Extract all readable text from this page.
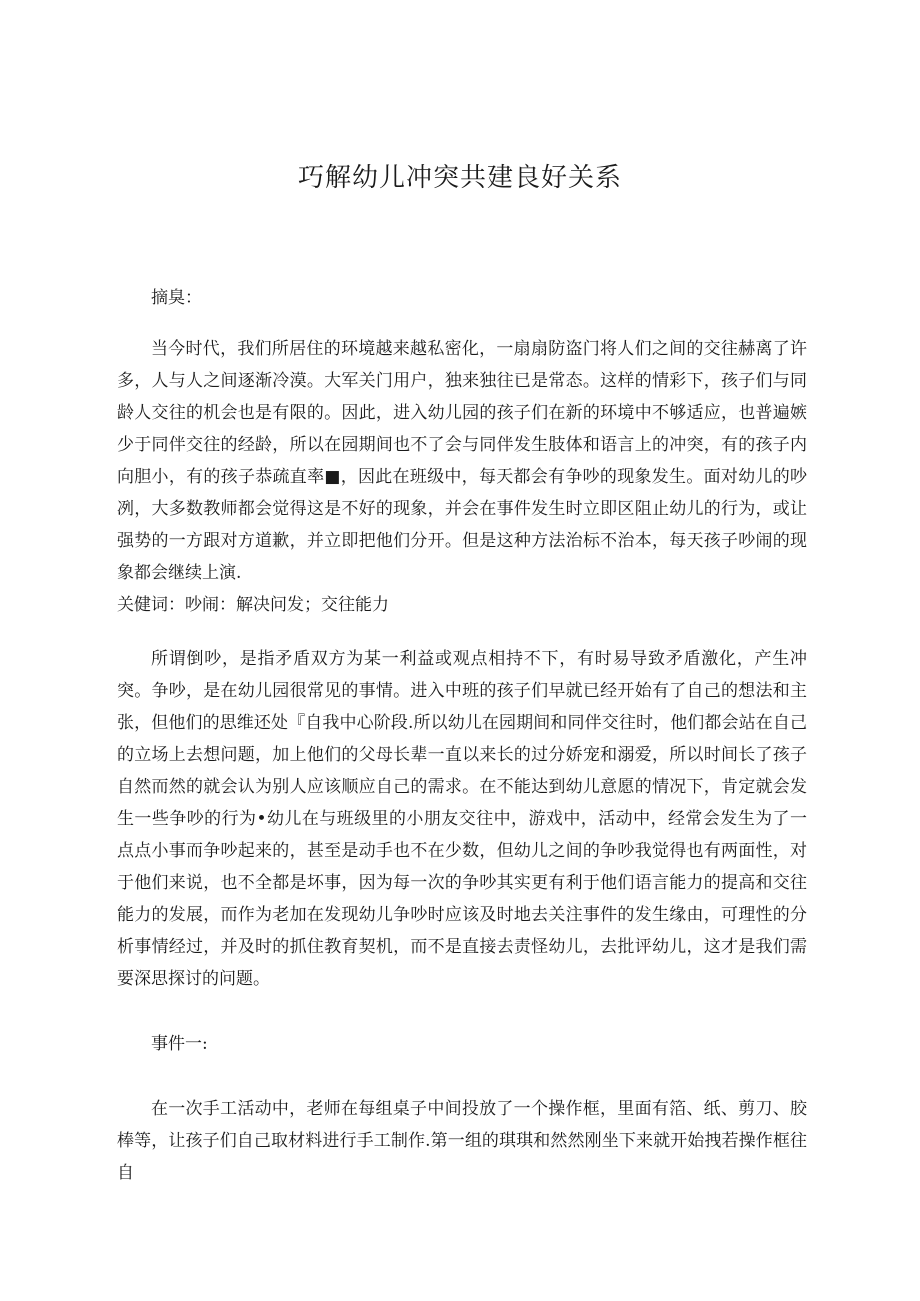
巧解幼儿冲突共建良好关系

摘臭：

当今时代，我们所居住的环境越来越私密化，一扇扇防盗门将人们之间的交往赫离了许多，人与人之间逐渐冷漠。大军关门用户，独来独往已是常态。这样的情彩下，孩子们与同龄人交往的机会也是有限的。因此，进入幼儿园的孩子们在新的环境中不够适应，也普遍嫉少于同伴交往的经龄，所以在园期间也不了会与同伴发生肢体和语言上的冲突，有的孩子内向胆小，有的孩子恭疏直率■，因此在班级中，每天都会有争吵的现象发生。面对幼儿的吵冽，大多数教师都会觉得这是不好的现象，并会在事件发生时立即区阻止幼儿的行为，或让强势的一方跟对方道歉，并立即把他们分开。但是这种方法治标不治本，每天孩子吵闹的现象都会继续上演.

关健词：吵闹：解决问发；交往能力

所谓倒吵，是指矛盾双方为某一利益或观点相持不下，有时易导致矛盾激化，产生冲突。争吵，是在幼儿园很常见的事情。进入中班的孩子们早就已经开始有了自己的想法和主张，但他们的思维还处『自我中心阶段.所以幼儿在园期间和同伴交往时，他们都会站在自己的立场上去想问题，加上他们的父母长辈一直以来长的过分娇宠和溺爱，所以时间长了孩子自然而然的就会认为别人应该顺应自己的需求。在不能达到幼儿意愿的情况下，肯定就会发生一些争吵的行为•幼儿在与班级里的小朋友交往中，游戏中，活动中，经常会发生为了一点点小事而争吵起来的，甚至是动手也不在少数，但幼儿之间的争吵我觉得也有两面性，对于他们来说，也不全都是坏事，因为每一次的争吵其实更有利于他们语言能力的提高和交往能力的发展，而作为老加在发现幼儿争吵时应该及时地去关注事件的发生缘由，可理性的分析事情经过，并及时的抓住教育契机，而不是直接去责怪幼儿，去批评幼儿，这才是我们需要深思探讨的问题。

事件一:

在一次手工活动中，老师在每组桌子中间投放了一个操作框，里面有箔、纸、剪刀、胶棒等，让孩子们自己取材料进行手工制作.第一组的琪琪和然然刚坐下来就开始拽若操作框往自
